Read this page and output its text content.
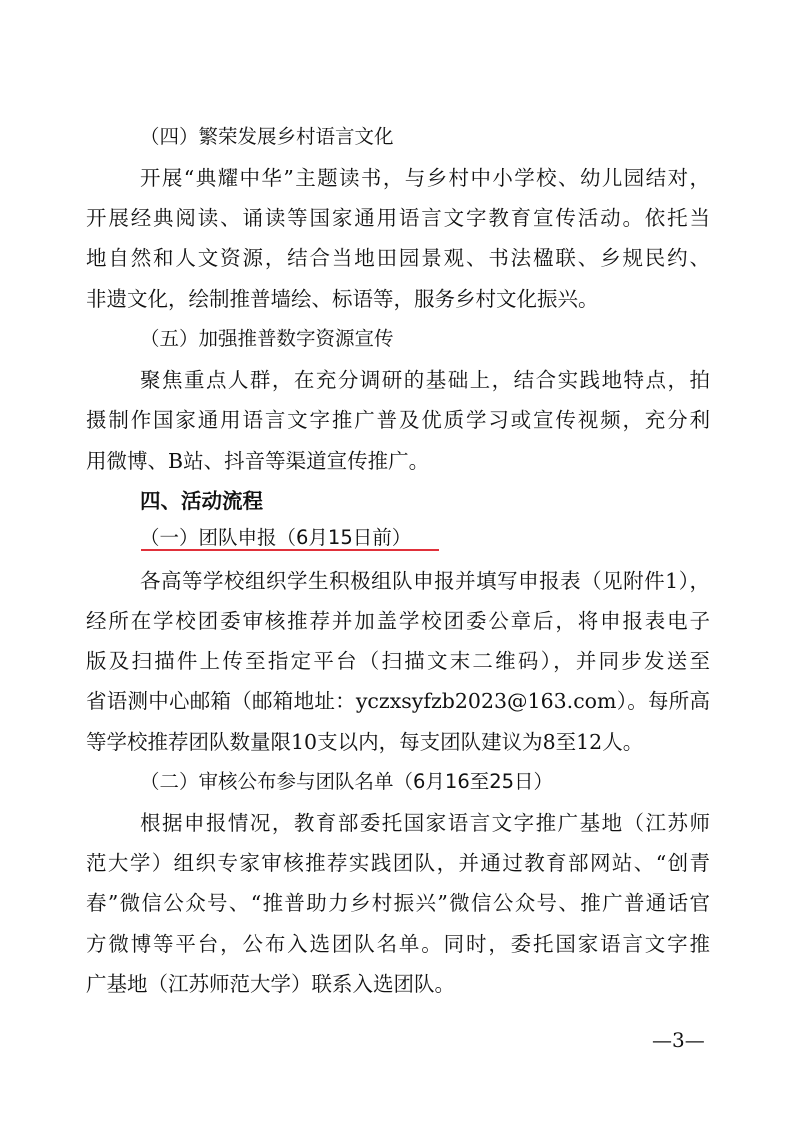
（四）繁荣发展乡村语言文化
开展“典耀中华”主题读书，与乡村中小学校、幼儿园结对，
开展经典阅读、诵读等国家通用语言文字教育宣传活动。依托当
地自然和人文资源，结合当地田园景观、书法楹联、乡规民约、
非遗文化，绘制推普墙绘、标语等，服务乡村文化振兴。
（五）加强推普数字资源宣传
聚焦重点人群，在充分调研的基础上，结合实践地特点，拍
摄制作国家通用语言文字推广普及优质学习或宣传视频，充分利
用微博、B站、抖音等渠道宣传推广。
四、活动流程
（一）团队申报（6月15日前）
各高等学校组织学生积极组队申报并填写申报表（见附件1），
经所在学校团委审核推荐并加盖学校团委公章后，将申报表电子
版及扫描件上传至指定平台（扫描文末二维码），并同步发送至
省语测中心邮箱（邮箱地址：yczxsyfzb2023@163.com）。每所高
等学校推荐团队数量限10支以内，每支团队建议为8至12人。
（二）审核公布参与团队名单（6月16至25日）
根据申报情况，教育部委托国家语言文字推广基地（江苏师
范大学）组织专家审核推荐实践团队，并通过教育部网站、“创青
春”微信公众号、“推普助力乡村振兴”微信公众号、推广普通话官
方微博等平台，公布入选团队名单。同时，委托国家语言文字推
广基地（江苏师范大学）联系入选团队。
—3—
